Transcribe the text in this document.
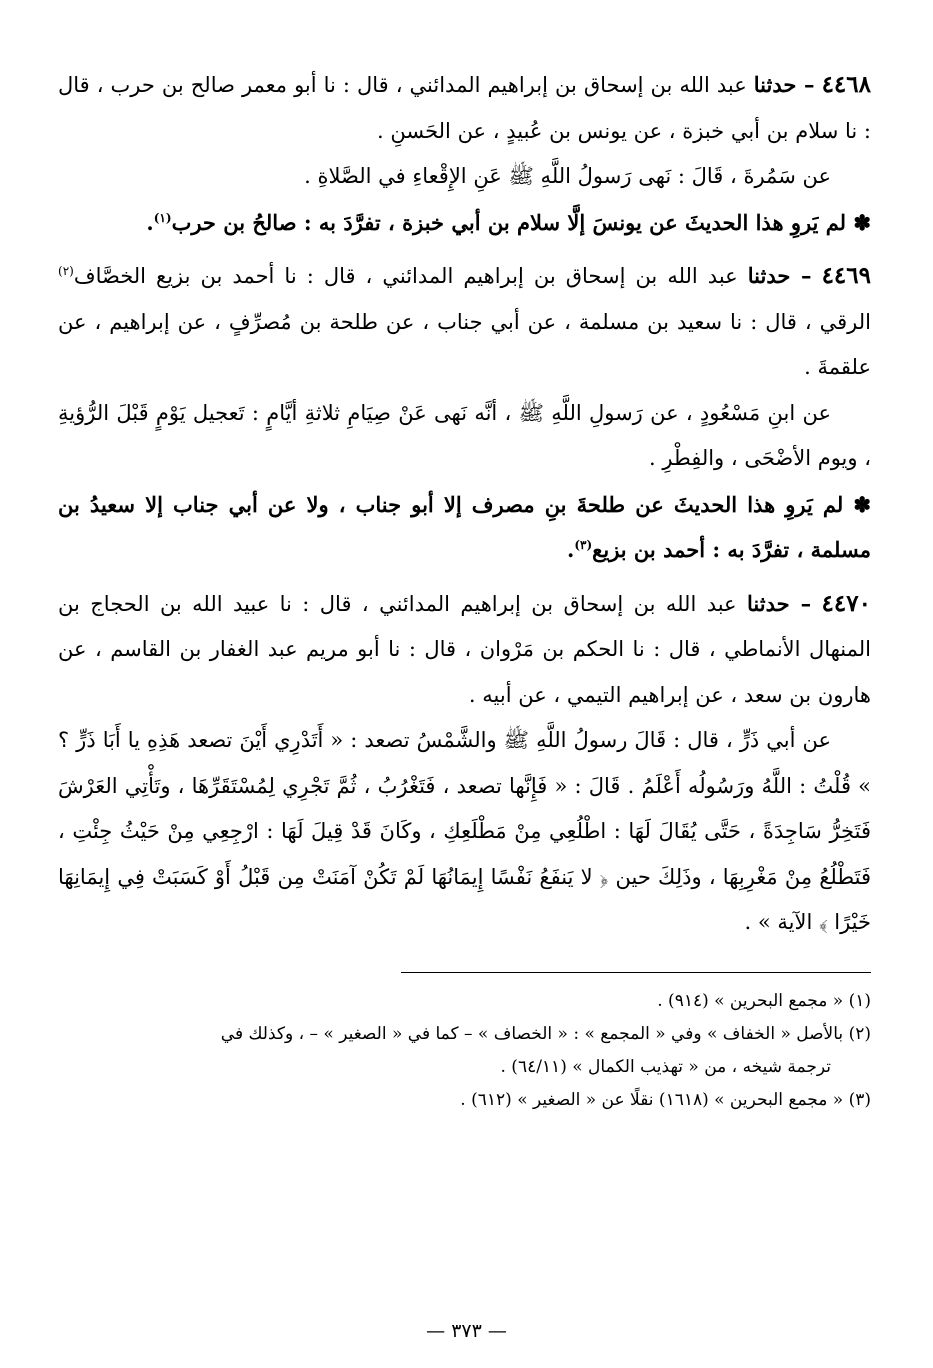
٤٤٦٨ – حدثنا عبد الله بن إسحاق بن إبراهيم المدائني ، قال : نا أبو معمر صالح بن حرب ، قال : نا سلام بن أبي خبزة ، عن يونس بن عُبيدٍ ، عن الحَسنِ .

عن سَمُرةَ ، قَالَ : نَهى رَسولُ اللَّهِ ﷺ عَنِ الإِقْعاءِ في الصَّلاةِ .

✽ لم يَروِ هذا الحديثَ عن يونسَ إلَّا سلام بن أبي خبزة ، تفرَّدَ به : صالحُ بن حرب$^{(١)}$.

٤٤٦٩ – حدثنا عبد الله بن إسحاق بن إبراهيم المدائني ، قال : نا أحمد بن بزيع الخصَّاف$^{(٢)}$ الرقي ، قال : نا سعيد بن مسلمة ، عن أبي جناب ، عن طلحة بن مُصرِّفٍ ، عن إبراهيم ، عن علقمةَ .

عن ابنِ مَسْعُودٍ ، عن رَسولِ اللَّهِ ﷺ ، أنَّه نَهى عَنْ صِيَامِ ثلاثةِ أيَّامٍ : تَعجيل يَوْمٍ قَبْلَ الرُّؤيةِ ، ويوم الأضْحَى ، والفِطْرِ .

✽ لم يَروِ هذا الحديثَ عن طلحةَ بنِ مصرف إلا أبو جناب ، ولا عن أبي جناب إلا سعيدُ بن مسلمة ، تفرَّدَ به : أحمد بن بزيع$^{(٣)}$.

٤٤٧٠ – حدثنا عبد الله بن إسحاق بن إبراهيم المدائني ، قال : نا عبيد الله بن الحجاج بن المنهال الأنماطي ، قال : نا الحكم بن مَرْوان ، قال : نا أبو مريم عبد الغفار بن القاسم ، عن هارون بن سعد ، عن إبراهيم التيمي ، عن أبيه .

عن أبي ذَرٍّ ، قال : قَالَ رسولُ اللَّهِ ﷺ والشَّمْسُ تصعد : « أَتَدْرِي أَيْنَ تصعد هَذِهِ يا أَبَا ذَرٍّ ؟ » قُلْتُ : اللَّهُ ورَسُولُه أَعْلَمُ . قَالَ : « فَإِنَّها تصعد ، فَتَغْرُبُ ، ثُمَّ تَجْرِي لِمُسْتَقَرِّهَا ، وتَأْتِي العَرْشَ فَتَخِرُّ سَاجِدَةً ، حَتَّى يُقَالَ لَهَا : اطْلُعِي مِنْ مَطْلَعِكِ ، وكَانَ قَدْ قِيلَ لَهَا : ارْجِعِي مِنْ حَيْثُ جِئْتِ ، فَتَطْلُعُ مِنْ مَغْرِبِهَا ، وذَلِكَ حين ﴿ لا يَنفَعُ نَفْسًا إِيمَانُهَا لَمْ تَكُنْ آمَنَتْ مِن قَبْلُ أَوْ كَسَبَتْ فِي إِيمَانِهَا خَيْرًا ﴾ الآية » .

(١) « مجمع البحرين » (٩١٤) .

(٢) بالأصل « الخفاف » وفي « المجمع » : « الخصاف » – كما في « الصغير » – ، وكذلك في

ترجمة شيخه ، من « تهذيب الكمال » (٦٤/١١) .

(٣) « مجمع البحرين » (١٦١٨) نقلًا عن « الصغير » (٦١٢) .

— ٣٧٣ —
